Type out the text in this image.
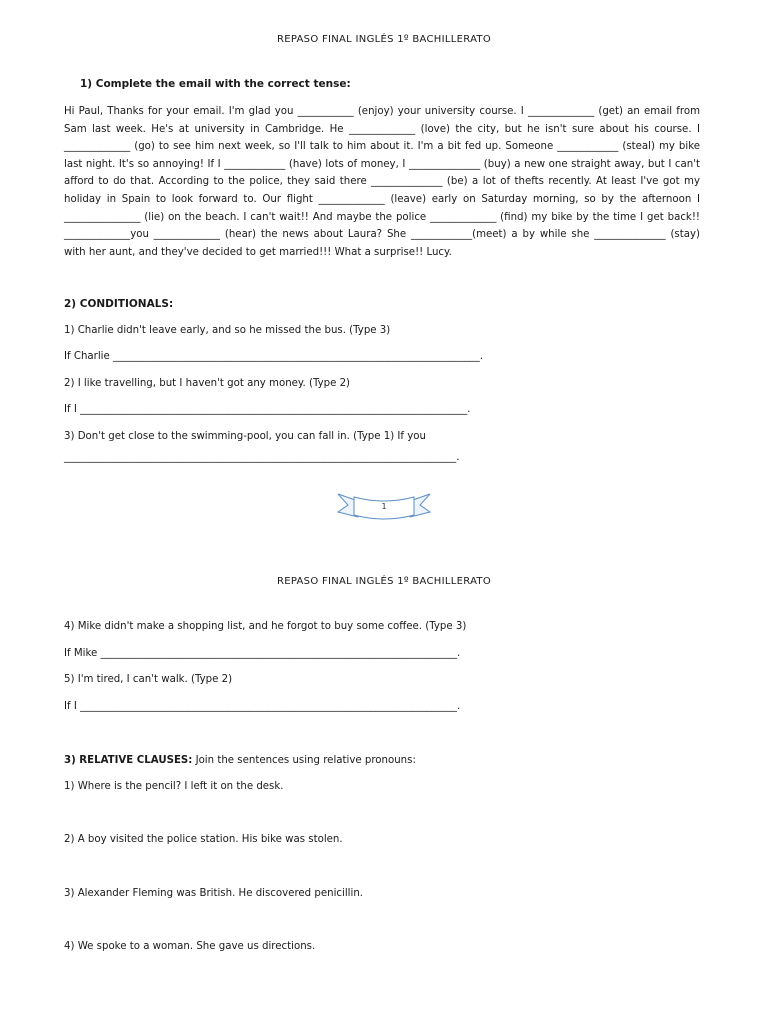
REPASO FINAL INGLÉS 1º BACHILLERATO
1) Complete the email with the correct tense:
Hi Paul, Thanks for your email. I'm glad you ___________ (enjoy) your university course. I _____________ (get) an email from Sam last week. He's at university in Cambridge. He _____________ (love) the city, but he isn't sure about his course. I _____________ (go) to see him next week, so I'll talk to him about it. I'm a bit fed up. Someone ____________ (steal) my bike last night. It's so annoying! If I ____________ (have) lots of money, I ______________ (buy) a new one straight away, but I can't afford to do that. According to the police, they said there ______________ (be) a lot of thefts recently. At least I've got my holiday in Spain to look forward to. Our flight _____________ (leave) early on Saturday morning, so by the afternoon I _______________ (lie) on the beach. I can't wait!! And maybe the police _____________ (find) my bike by the time I get back!! _____________you _____________ (hear) the news about Laura? She ____________(meet) a by while she ______________ (stay) with her aunt, and they've decided to get married!!! What a surprise!! Lucy.
2) CONDITIONALS:
1) Charlie didn't leave early, and so he missed the bus. (Type 3)
If Charlie ________________________________________________________________________.
2) I like travelling, but I haven't got any money. (Type 2)
If I ____________________________________________________________________________.
3) Don't get close to the swimming-pool, you can fall in. (Type 1) If you
_____________________________________________________________________________.
1
REPASO FINAL INGLÉS 1º BACHILLERATO
4) Mike didn't make a shopping list, and he forgot to buy some coffee. (Type 3)
If Mike ______________________________________________________________________.
5) I'm tired, I can't walk. (Type 2)
If I __________________________________________________________________________.
3) RELATIVE CLAUSES: Join the sentences using relative pronouns:
1) Where is the pencil? I left it on the desk.
2) A boy visited the police station. His bike was stolen.
3) Alexander Fleming was British. He discovered penicillin.
4) We spoke to a woman. She gave us directions.
